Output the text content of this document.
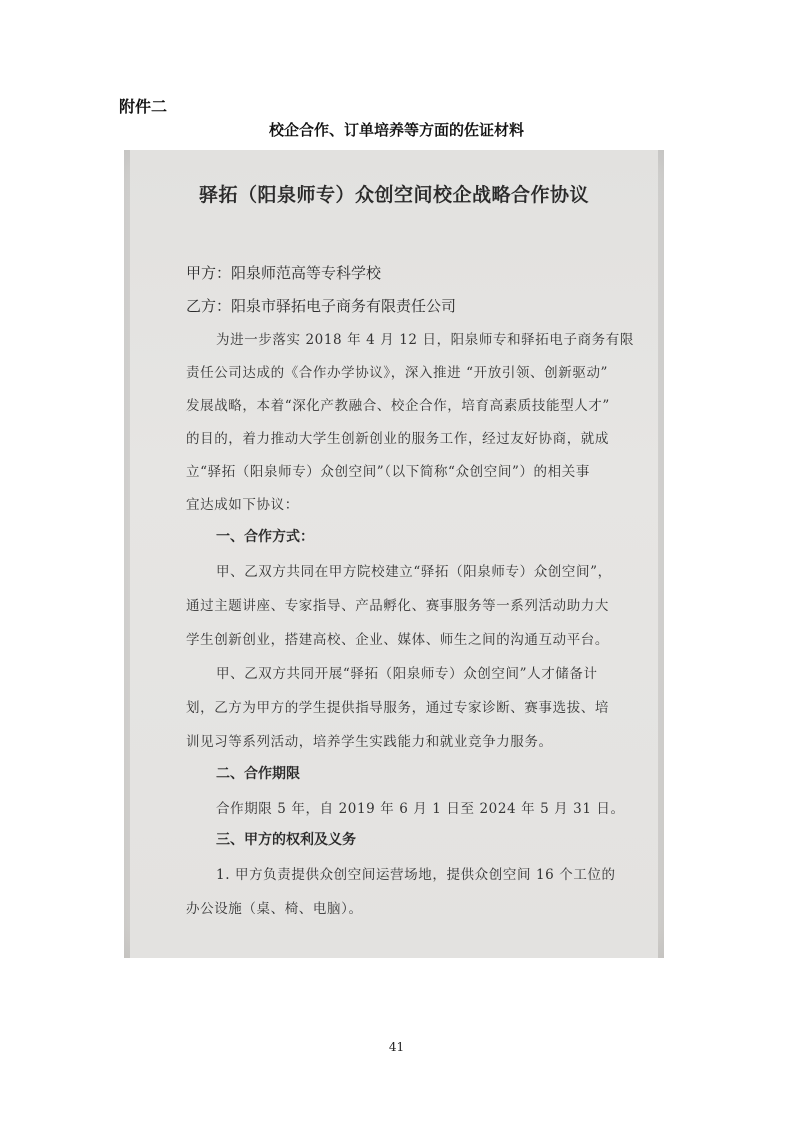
附件二
校企合作、订单培养等方面的佐证材料
驿拓（阳泉师专）众创空间校企战略合作协议
甲方：阳泉师范高等专科学校
乙方：阳泉市驿拓电子商务有限责任公司
为进一步落实 2018 年 4 月 12 日，阳泉师专和驿拓电子商务有限
责任公司达成的《合作办学协议》，深入推进 “开放引领、创新驱动”
发展战略，本着“深化产教融合、校企合作，培育高素质技能型人才”
的目的，着力推动大学生创新创业的服务工作，经过友好协商，就成
立“驿拓（阳泉师专）众创空间”（以下简称“众创空间”）的相关事
宜达成如下协议：
一、合作方式：
甲、乙双方共同在甲方院校建立“驿拓（阳泉师专）众创空间”，
通过主题讲座、专家指导、产品孵化、赛事服务等一系列活动助力大
学生创新创业，搭建高校、企业、媒体、师生之间的沟通互动平台。
甲、乙双方共同开展“驿拓（阳泉师专）众创空间”人才储备计
划，乙方为甲方的学生提供指导服务，通过专家诊断、赛事选拔、培
训见习等系列活动，培养学生实践能力和就业竞争力服务。
二、合作期限
合作期限 5 年，自 2019 年 6 月 1 日至 2024 年 5 月 31 日。
三、甲方的权利及义务
1. 甲方负责提供众创空间运营场地，提供众创空间 16 个工位的
办公设施（桌、椅、电脑）。
41
